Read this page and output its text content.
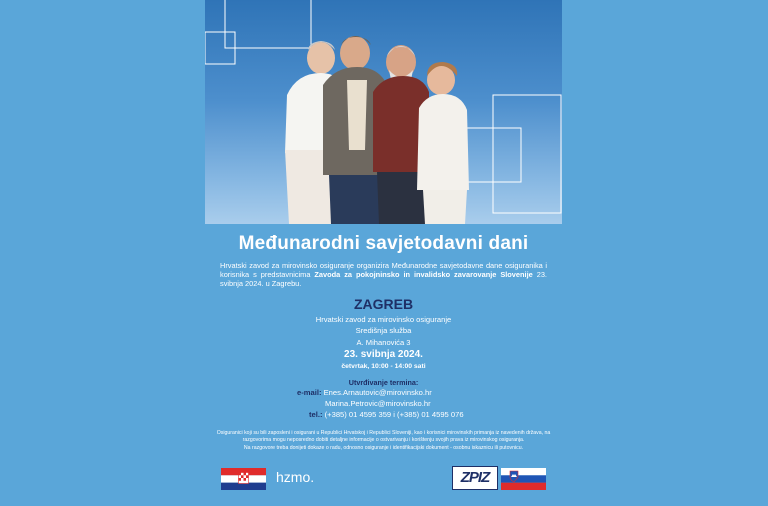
Međunarodni savjetodavni dani
Hrvatski zavod za mirovinsko osiguranje organizira Međunarodne savjetodavne dane osiguranika i korisnika s predstavnicima Zavoda za pokojninsko in invalidsko zavarovanje Slovenije 23. svibnja 2024. u Zagrebu.
ZAGREB
Hrvatski zavod za mirovinsko osiguranje
Središnja služba
A. Mihanovića 3
23. svibnja 2024.
četvrtak, 10:00 - 14:00 sati
Utvrđivanje termina:
e-mail: Enes.Arnautovic@mirovinsko.hr
Marina.Petrovic@mirovinsko.hr
tel.: (+385) 01 4595 359 i (+385) 01 4595 076
Osiguranici koji su bili zaposleni i osigurani u Republici Hrvatskoj i Republici Sloveniji, kao i korisnici mirovinskih primanja iz navedenih država, na razgovorima mogu neposredno dobiti detaljne informacije o ostvarivanju i korištenju svojih prava iz mirovinskog osiguranja.
Na razgovore treba donijeti dokaze o radu, odnosno osiguranje i identifikacijski dokument - osobnu iskaznicu ili putovnicu.
hzmo.	ZPIZ
